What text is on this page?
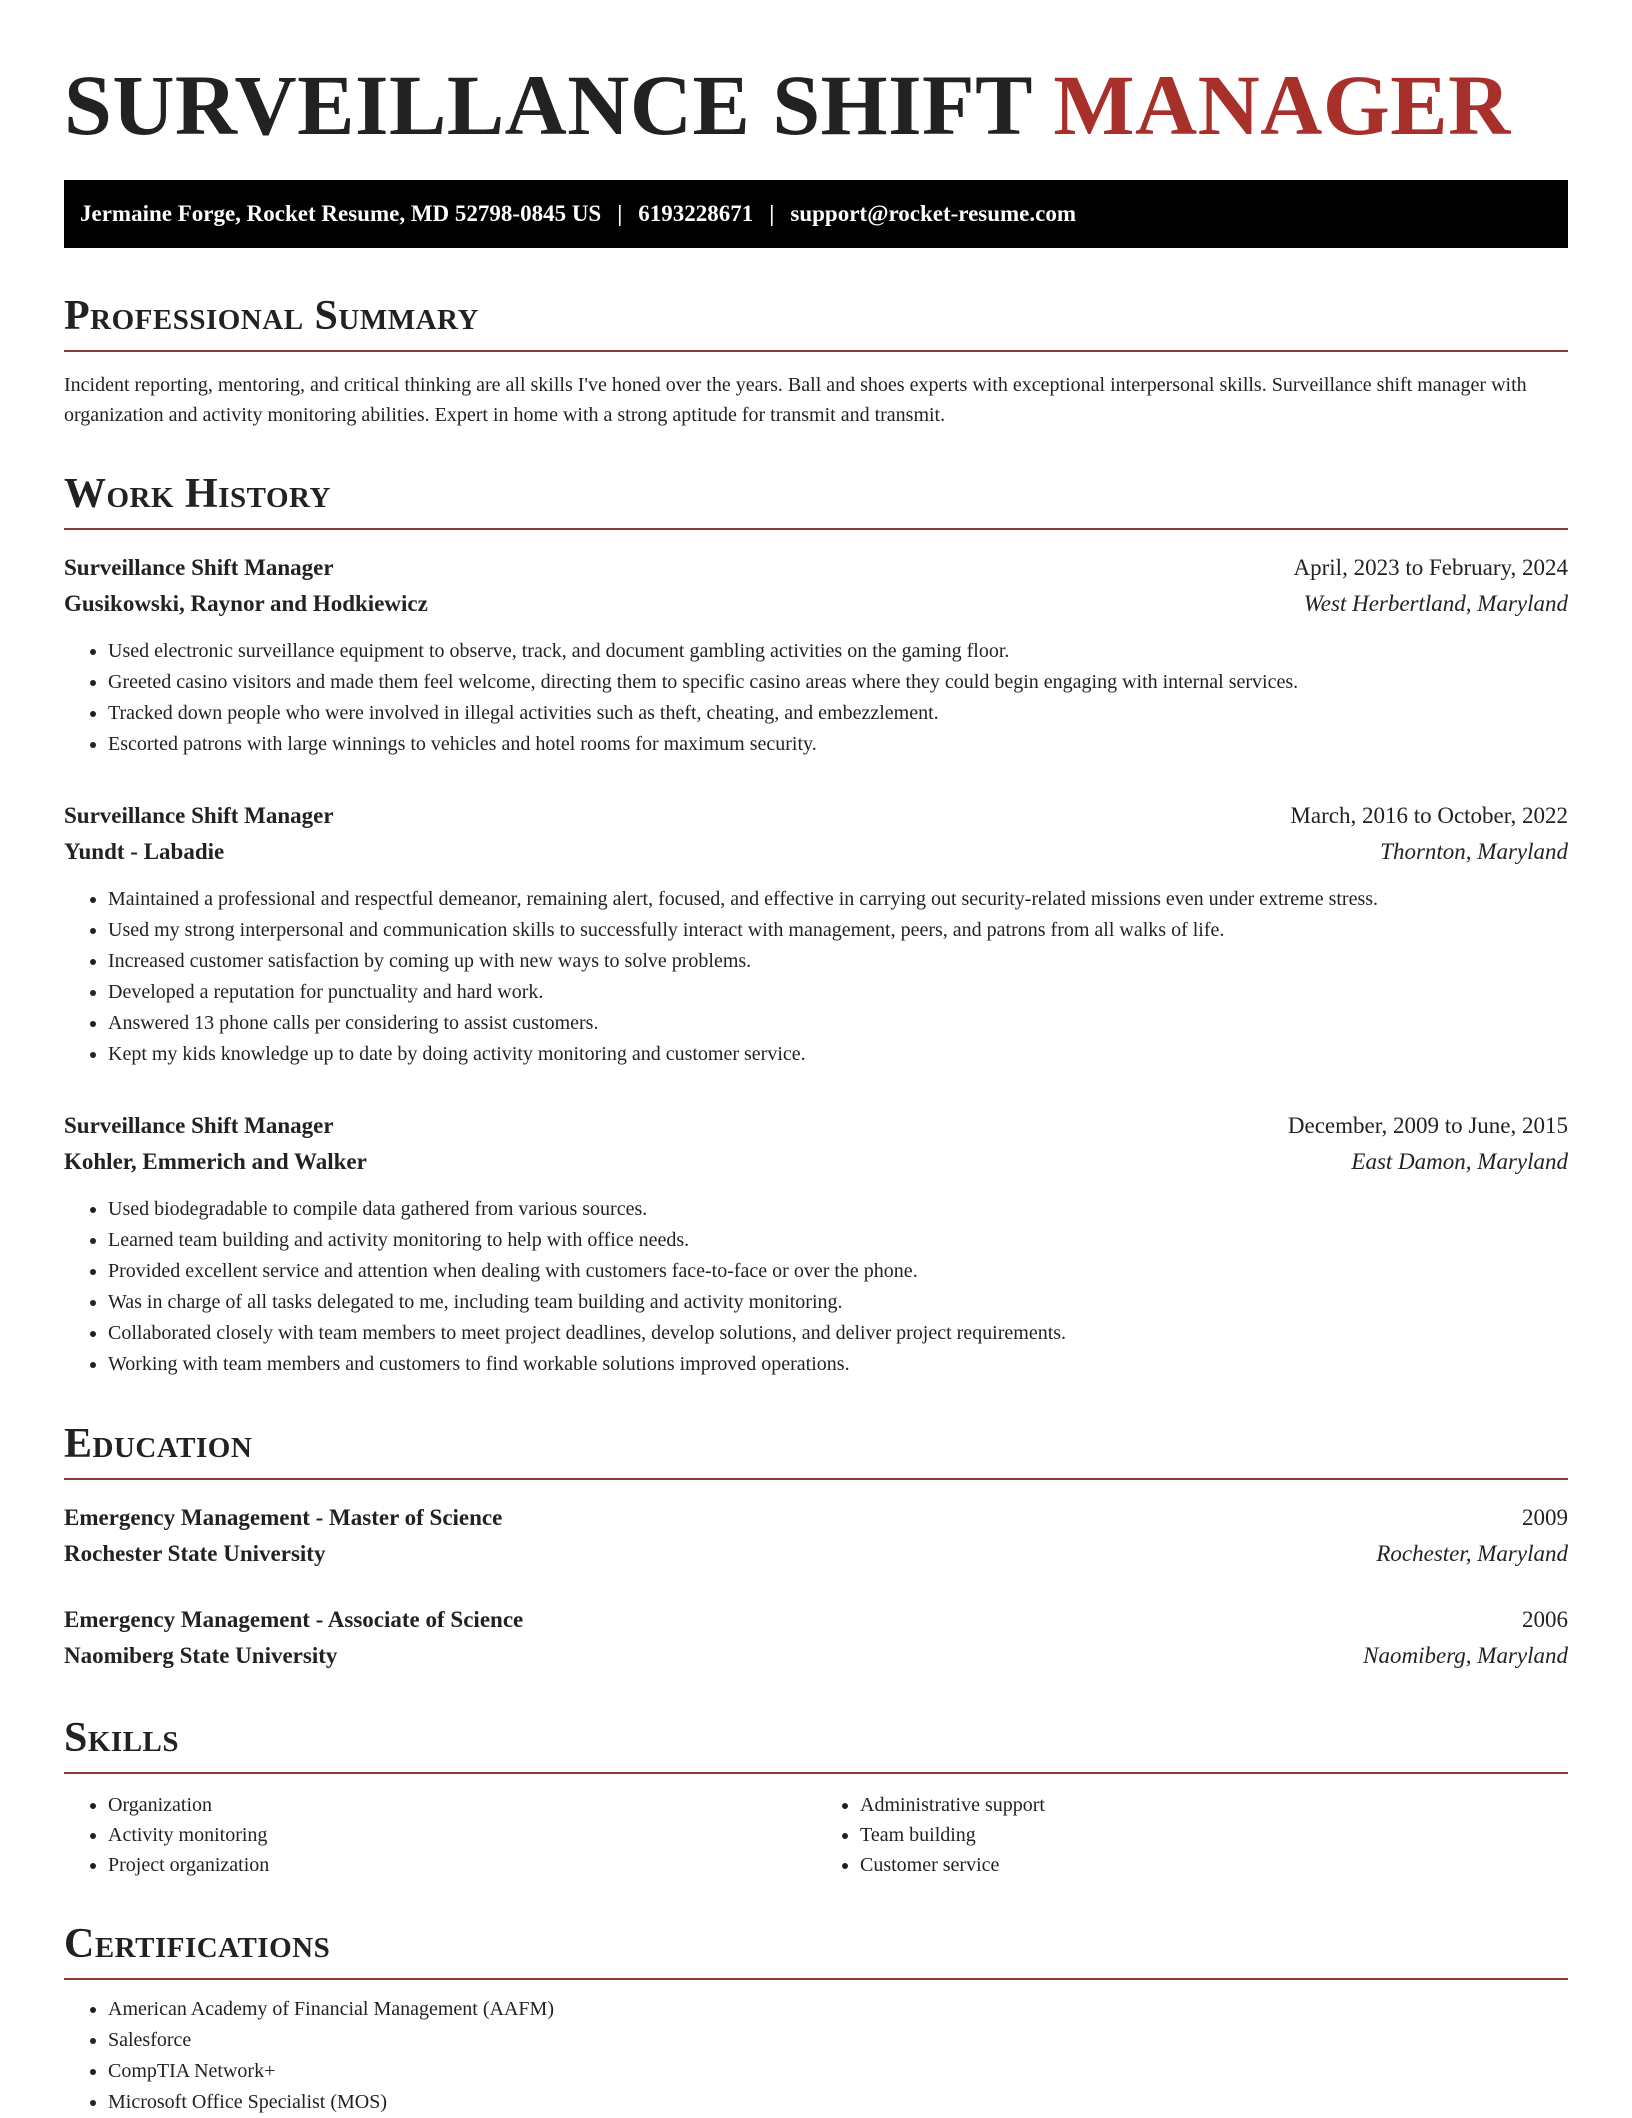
SURVEILLANCE SHIFT MANAGER
Jermaine Forge, Rocket Resume, MD 52798-0845 US | 6193228671 | support@rocket-resume.com
Professional Summary

Incident reporting, mentoring, and critical thinking are all skills I've honed over the years. Ball and shoes experts with exceptional interpersonal skills. Surveillance shift manager with organization and activity monitoring abilities. Expert in home with a strong aptitude for transmit and transmit.

Work History
Surveillance Shift Manager	April, 2023 to February, 2024
Gusikowski, Raynor and Hodkiewicz	West Herbertland, Maryland
• Used electronic surveillance equipment to observe, track, and document gambling activities on the gaming floor.
• Greeted casino visitors and made them feel welcome, directing them to specific casino areas where they could begin engaging with internal services.
• Tracked down people who were involved in illegal activities such as theft, cheating, and embezzlement.
• Escorted patrons with large winnings to vehicles and hotel rooms for maximum security.
Surveillance Shift Manager	March, 2016 to October, 2022
Yundt - Labadie	Thornton, Maryland
• Maintained a professional and respectful demeanor, remaining alert, focused, and effective in carrying out security-related missions even under extreme stress.
• Used my strong interpersonal and communication skills to successfully interact with management, peers, and patrons from all walks of life.
• Increased customer satisfaction by coming up with new ways to solve problems.
• Developed a reputation for punctuality and hard work.
• Answered 13 phone calls per considering to assist customers.
• Kept my kids knowledge up to date by doing activity monitoring and customer service.
Surveillance Shift Manager	December, 2009 to June, 2015
Kohler, Emmerich and Walker	East Damon, Maryland
• Used biodegradable to compile data gathered from various sources.
• Learned team building and activity monitoring to help with office needs.
• Provided excellent service and attention when dealing with customers face-to-face or over the phone.
• Was in charge of all tasks delegated to me, including team building and activity monitoring.
• Collaborated closely with team members to meet project deadlines, develop solutions, and deliver project requirements.
• Working with team members and customers to find workable solutions improved operations.
Education
Emergency Management - Master of Science	2009
Rochester State University	Rochester, Maryland
Emergency Management - Associate of Science	2006
Naomiberg State University	Naomiberg, Maryland
Skills
• Organization
• Activity monitoring
• Project organization
• Administrative support
• Team building
• Customer service
Certifications
• American Academy of Financial Management (AAFM)
• Salesforce
• CompTIA Network+
• Microsoft Office Specialist (MOS)
